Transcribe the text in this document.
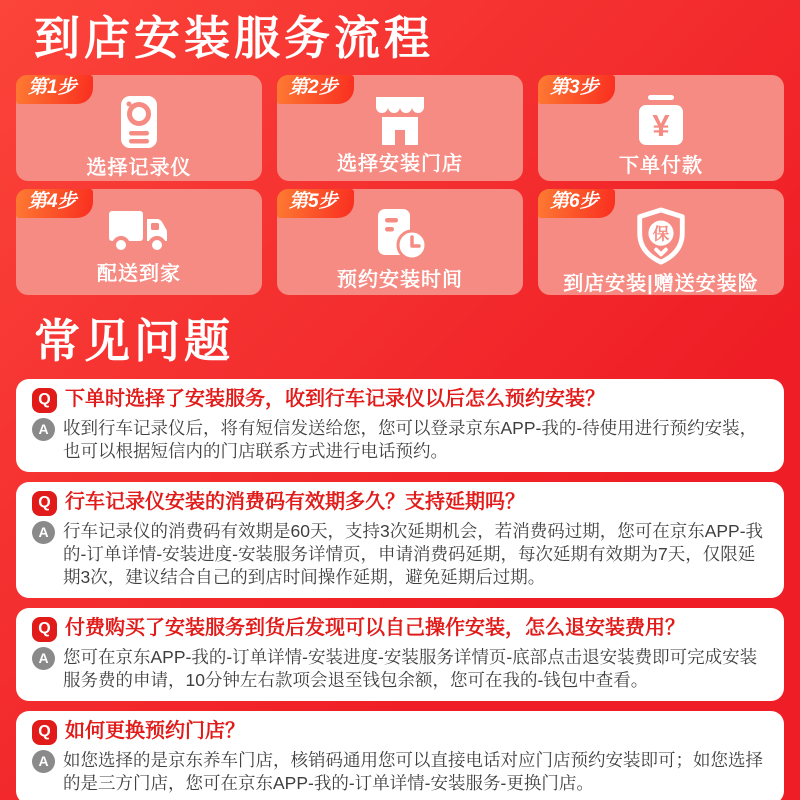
到店安装服务流程
第1步
选择记录仪
第2步
选择安装门店
第3步
¥
下单付款
第4步
配送到家
第5步
预约安装时间
第6步
保
到店安装|赠送安装险
常见问题
Q 下单时选择了安装服务，收到行车记录仪以后怎么预约安装？
A 收到行车记录仪后，将有短信发送给您，您可以登录京东APP-我的-待使用进行预约安装，也可以根据短信内的门店联系方式进行电话预约。
Q 行车记录仪安装的消费码有效期多久？支持延期吗？
A 行车记录仪的消费码有效期是60天，支持3次延期机会，若消费码过期，您可在京东APP-我的-订单详情-安装进度-安装服务详情页，申请消费码延期，每次延期有效期为7天，仅限延期3次，建议结合自己的到店时间操作延期，避免延期后过期。
Q 付费购买了安装服务到货后发现可以自己操作安装，怎么退安装费用？
A 您可在京东APP-我的-订单详情-安装进度-安装服务详情页-底部点击退安装费即可完成安装服务费的申请，10分钟左右款项会退至钱包余额，您可在我的-钱包中查看。
Q 如何更换预约门店？
A 如您选择的是京东养车门店，核销码通用您可以直接电话对应门店预约安装即可；如您选择的是三方门店，您可在京东APP-我的-订单详情-安装服务-更换门店。
